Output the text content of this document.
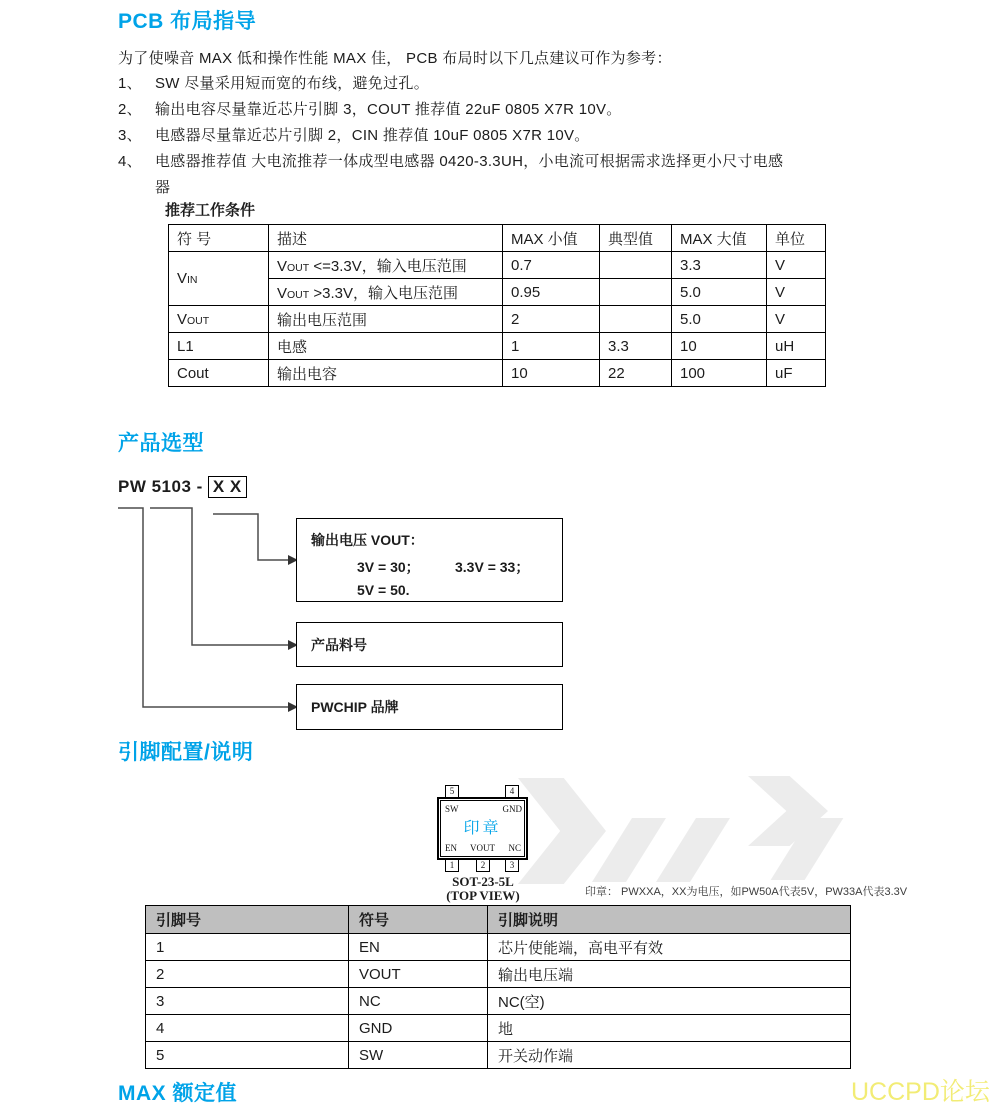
PCB 布局指导
为了使噪音 MAX 低和操作性能 MAX 佳， PCB 布局时以下几点建议可作为参考：
1、 SW 尽量采用短而宽的布线，避免过孔。
2、 输出电容尽量靠近芯片引脚 3，COUT 推荐值 22uF 0805 X7R 10V。
3、 电感器尽量靠近芯片引脚 2，CIN 推荐值 10uF 0805 X7R 10V。
4、 电感器推荐值 大电流推荐一体成型电感器 0420-3.3UH，小电流可根据需求选择更小尺寸电感器
推荐工作条件
符 号	描述	MAX 小值	典型值	MAX 大值	单位
VIN	VOUT <=3.3V，输入电压范围	0.7		3.3	V
	VOUT >3.3V，输入电压范围	0.95		5.0	V
VOUT	输出电压范围	2		5.0	V
L1	电感	1	3.3	10	uH
Cout	输出电容	10	22	100	uF
产品选型
PW 5103 - X X
输出电压 VOUT：
3V = 30；	3.3V = 33；
5V = 50.
产品料号
PWCHIP 品牌
引脚配置/说明
5	4
SW	GND
EN VOUT NC
印章
1	2	3
SOT-23-5L
(TOP VIEW)	印章： PWXXA，XX为电压，如PW50A代表5V，PW33A代表3.3V
引脚号	符号	引脚说明
1	EN	芯片使能端，高电平有效
2	VOUT	输出电压端
3	NC	NC(空)
4	GND	地
5	SW	开关动作端
MAX 额定值	UCCPD论坛
